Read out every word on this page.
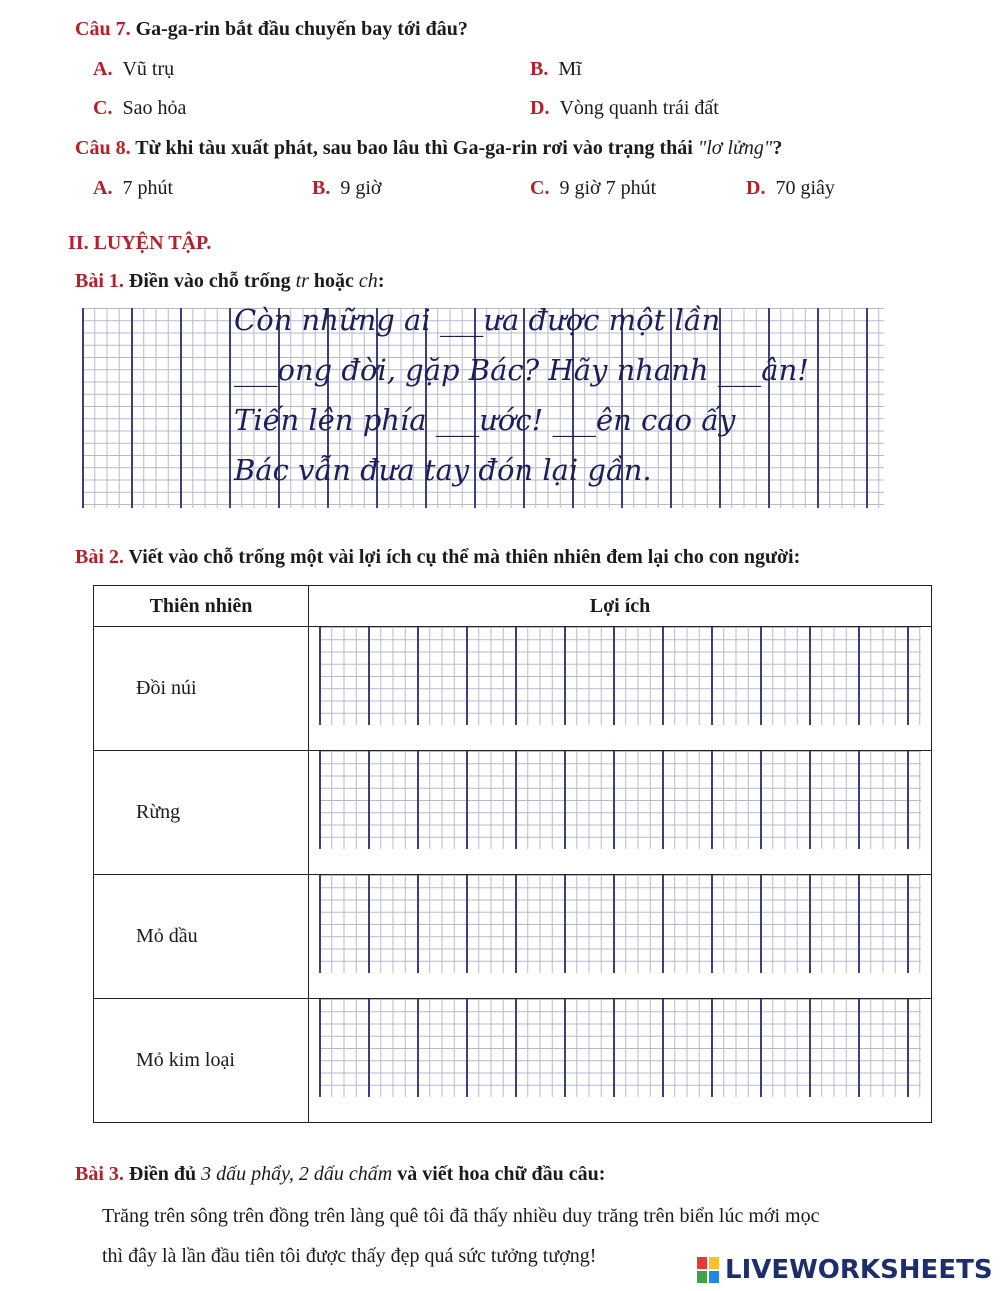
Câu 7. Ga-ga-rin bắt đầu chuyến bay tới đâu?
A. Vũ trụ	B. Mĩ
C. Sao hỏa	D. Vòng quanh trái đất
Câu 8. Từ khi tàu xuất phát, sau bao lâu thì Ga-ga-rin rơi vào trạng thái "lơ lửng"?
A. 7 phút	B. 9 giờ	C. 9 giờ 7 phút	D. 70 giây
II. LUYỆN TẬP.
Bài 1. Điền vào chỗ trống tr hoặc ch:
Còn những ai ___ưa được một lần
___ong đời, gặp Bác? Hãy nhanh ___ân!
Tiến lên phía ___ước! ___ên cao ấy
Bác vẫn đưa tay đón lại gần.
Bài 2. Viết vào chỗ trống một vài lợi ích cụ thể mà thiên nhiên đem lại cho con người:
Thiên nhiên	Lợi ích
Đồi núi	

Rừng	

Mỏ dầu	

Mỏ kim loại	
Bài 3. Điền đủ 3 dấu phẩy, 2 dấu chấm và viết hoa chữ đầu câu:
Trăng trên sông trên đồng trên làng quê tôi đã thấy nhiều duy trăng trên biển lúc mới mọc
thì đây là lần đầu tiên tôi được thấy đẹp quá sức tưởng tượng!	LIVEWORKSHEETS
